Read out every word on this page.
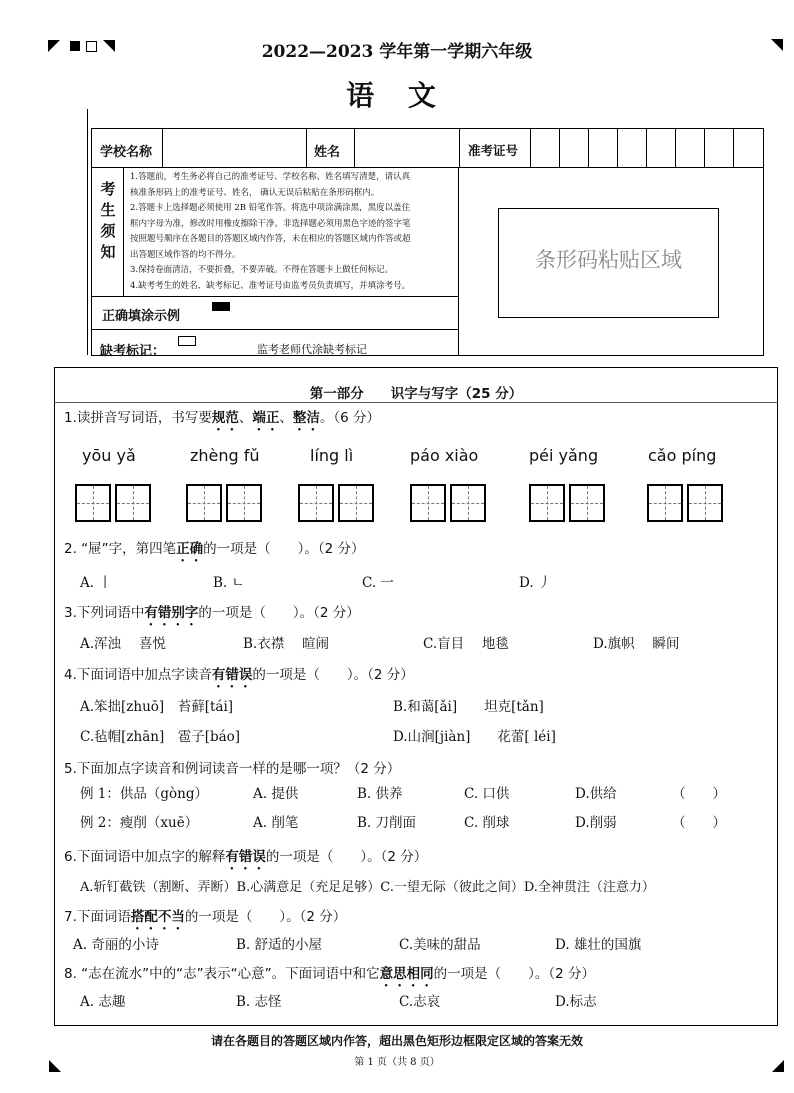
2022—2023 学年第一学期六年级
语 文
学校名称	姓名	准考证号
考生须知
1.答题前，考生务必将自己的准考证号、学校名称、姓名填写清楚，请认真
核准条形码上的准考证号、姓名， 确认无误后粘贴在条形码框内。
2.答题卡上选择题必须使用 2B 铅笔作答。将选中项涂满涂黑，黑度以盖住
框内字母为准，修改时用橡皮擦除干净。非选择题必须用黑色字迹的签字笔
按照题号顺序在各题目的答题区域内作答，未在相应的答题区域内作答或超
出答题区域作答的均不得分。
3.保持卷面清洁，不要折叠，不要弄破。不得在答题卡上做任何标记。
4.缺考考生的姓名、缺考标记、准考证号由监考员负责填写，并填涂考号。
条形码粘贴区域
正确填涂示例
缺考标记：	监考老师代涂缺考标记
第一部分　　识字与写字（25 分）
1.读拼音写词语，书写要规范、端正、整洁。（6 分）
yōu yǎ	zhèng fǔ	líng lì	páo xiào	péi yǎng	cǎo píng
2. “屉”字，第四笔正确的一项是（　　）。（2 分）
A. 丨	B. ㄴ	C. 一	D. 丿
3.下列词语中有错别字的一项是（　　）。（2 分）
A.浑浊　 喜悦	B.衣襟　 暄闹	C.盲目　 地毯	D.旗帜　 瞬间
4.下面词语中加点字读音有错误的一项是（　　）。（2 分）
A.笨拙[zhuō]　苔藓[tái]	B.和蔼[ǎi]　　坦克[tǎn]
C.毡帽[zhān]　雹子[báo]	D.山涧[jiàn]　　花蕾[ léi]
5.下面加点字读音和例词读音一样的是哪一项？（2 分）
例 1：供品（gòng）	A. 提供	B. 供养	C. 口供	D.供给	（　　）
例 2：瘦削（xuē）	A. 削笔	B. 刀削面	C. 削球	D.削弱	（　　）
6.下面词语中加点字的解释有错误的一项是（　　）。（2 分）
A.斩钉截铁（割断、弄断）B.心满意足（充足足够）C.一望无际（彼此之间）D.全神贯注（注意力）
7.下面词语搭配不当的一项是（　　）。（2 分）
A. 奇丽的小诗	B. 舒适的小屋	C.美味的甜品	D. 雄壮的国旗
8. “志在流水”中的“志”表示“心意”。下面词语中和它意思相同的一项是（　　）。（2 分）
A. 志趣	B. 志怪	C.志哀	D.标志
请在各题目的答题区域内作答，超出黑色矩形边框限定区域的答案无效
第 1 页（共 8 页）
